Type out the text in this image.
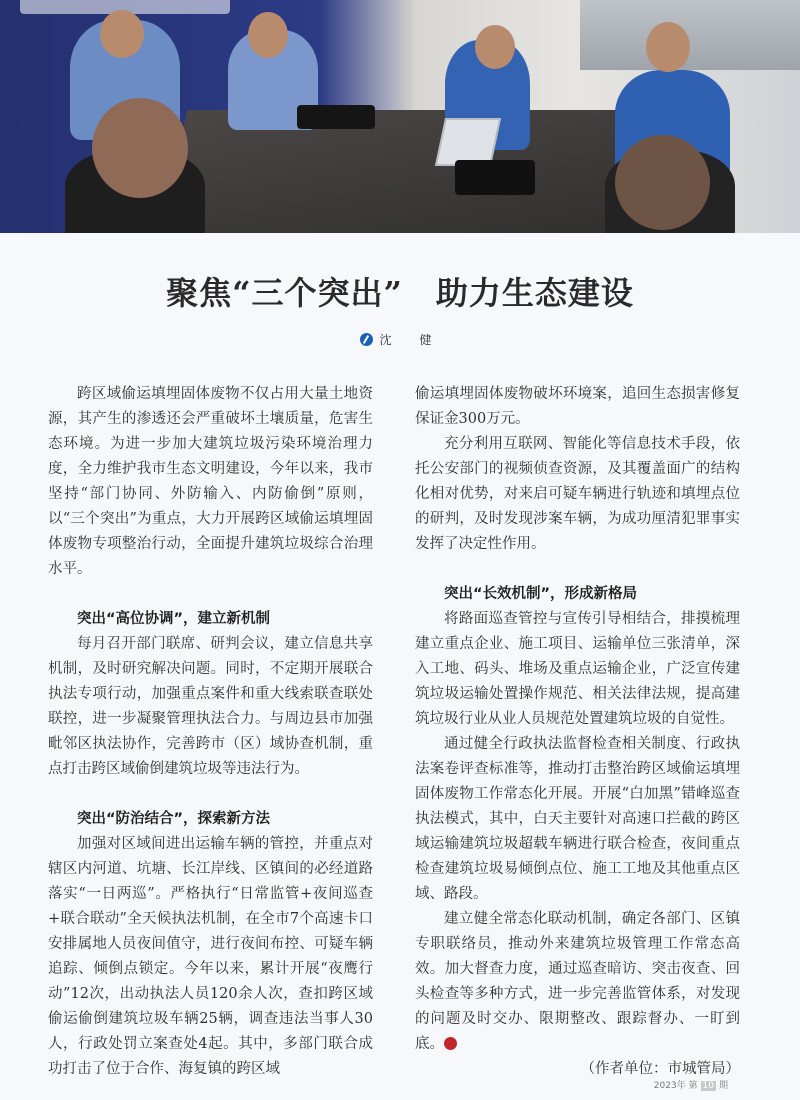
聚焦“三个突出”　助力生态建设
沈　健

跨区域偷运填埋固体废物不仅占用大量土地资源，其产生的渗透还会严重破坏土壤质量，危害生态环境。为进一步加大建筑垃圾污染环境治理力度，全力维护我市生态文明建设，今年以来，我市坚持“部门协同、外防输入、内防偷倒”原则，以“三个突出”为重点，大力开展跨区域偷运填埋固体废物专项整治行动，全面提升建筑垃圾综合治理水平。

突出“高位协调”，建立新机制

每月召开部门联席、研判会议，建立信息共享机制，及时研究解决问题。同时，不定期开展联合执法专项行动，加强重点案件和重大线索联查联处联控，进一步凝聚管理执法合力。与周边县市加强毗邻区执法协作，完善跨市（区）域协查机制，重点打击跨区域偷倒建筑垃圾等违法行为。

突出“防治结合”，探索新方法

加强对区域间进出运输车辆的管控，并重点对辖区内河道、坑塘、长江岸线、区镇间的必经道路落实“一日两巡”。严格执行“日常监管+夜间巡查+联合联动”全天候执法机制，在全市7个高速卡口安排属地人员夜间值守，进行夜间布控、可疑车辆追踪、倾倒点锁定。今年以来，累计开展“夜鹰行动”12次，出动执法人员120余人次，查扣跨区域偷运偷倒建筑垃圾车辆25辆，调查违法当事人30人，行政处罚立案查处4起。其中，多部门联合成功打击了位于合作、海复镇的跨区域

偷运填埋固体废物破坏环境案，追回生态损害修复保证金300万元。

充分利用互联网、智能化等信息技术手段，依托公安部门的视频侦查资源，及其覆盖面广的结构化相对优势，对来启可疑车辆进行轨迹和填埋点位的研判，及时发现涉案车辆，为成功厘清犯罪事实发挥了决定性作用。

突出“长效机制”，形成新格局

将路面巡查管控与宣传引导相结合，排摸梳理建立重点企业、施工项目、运输单位三张清单，深入工地、码头、堆场及重点运输企业，广泛宣传建筑垃圾运输处置操作规范、相关法律法规，提高建筑垃圾行业从业人员规范处置建筑垃圾的自觉性。

通过健全行政执法监督检查相关制度、行政执法案卷评查标准等，推动打击整治跨区域偷运填埋固体废物工作常态化开展。开展“白加黑”错峰巡查执法模式，其中，白天主要针对高速口拦截的跨区域运输建筑垃圾超载车辆进行联合检查，夜间重点检查建筑垃圾易倾倒点位、施工工地及其他重点区域、路段。

建立健全常态化联动机制，确定各部门、区镇专职联络员，推动外来建筑垃圾管理工作常态高效。加大督查力度，通过巡查暗访、突击夜查、回头检查等多种方式，进一步完善监管体系，对发现的问题及时交办、限期整改、跟踪督办、一盯到底。

（作者单位：市城管局）

2023年 第 10 期
